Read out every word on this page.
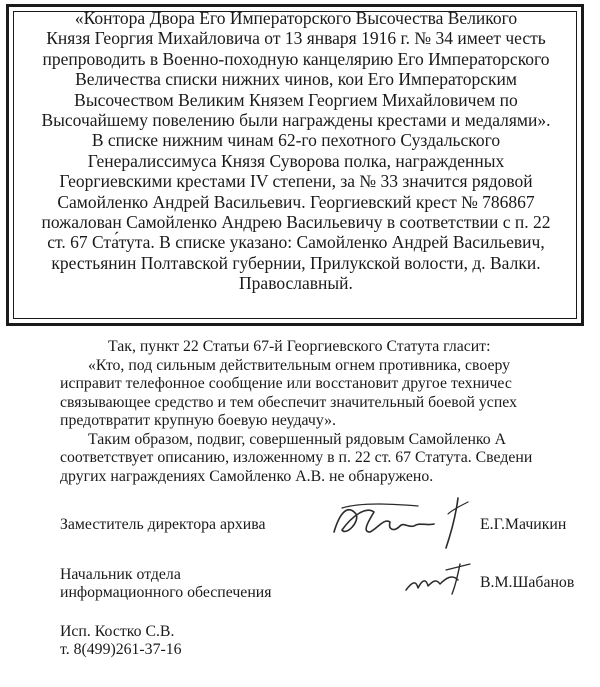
«Контора Двора Его Императорского Высочества Великого
Князя Георгия Михайловича от 13 января 1916 г. № 34 имеет честь
препроводить в Военно-походную канцелярию Его Императорского
Величества списки нижних чинов, кои Его Императорским
Высочеством Великим Князем Георгием Михайловичем по
Высочайшему повелению были награждены крестами и медалями».
В списке нижним чинам 62-го пехотного Суздальского
Генералиссимуса Князя Суворова полка, награжденных
Георгиевскими крестами IV степени, за № 33 значится рядовой
Самойленко Андрей Васильевич. Георгиевский крест № 786867
пожалован Самойленко Андрею Васильевичу в соответствии с п. 22
ст. 67 Ста́тута. В списке указано: Самойленко Андрей Васильевич,
крестьянин Полтавской губернии, Прилукской волости, д. Валки.
Православный.
Так, пункт 22 Статьи 67-й Георгиевского Статута гласит:
«Кто, под сильным действительным огнем противника, своеру
исправит телефонное сообщение или восстановит другое техничес
связывающее средство и тем обеспечит значительный боевой успех
предотвратит крупную боевую неудачу».
Таким образом, подвиг, совершенный рядовым Самойленко А
соответствует описанию, изложенному в п. 22 ст. 67 Статута. Сведени
других награждениях Самойленко А.В. не обнаружено.
Заместитель директора архива	Е.Г.Мачикин
Начальник отдела
информационного обеспечения
В.М.Шабанов
Исп. Костко С.В.
т. 8(499)261-37-16
